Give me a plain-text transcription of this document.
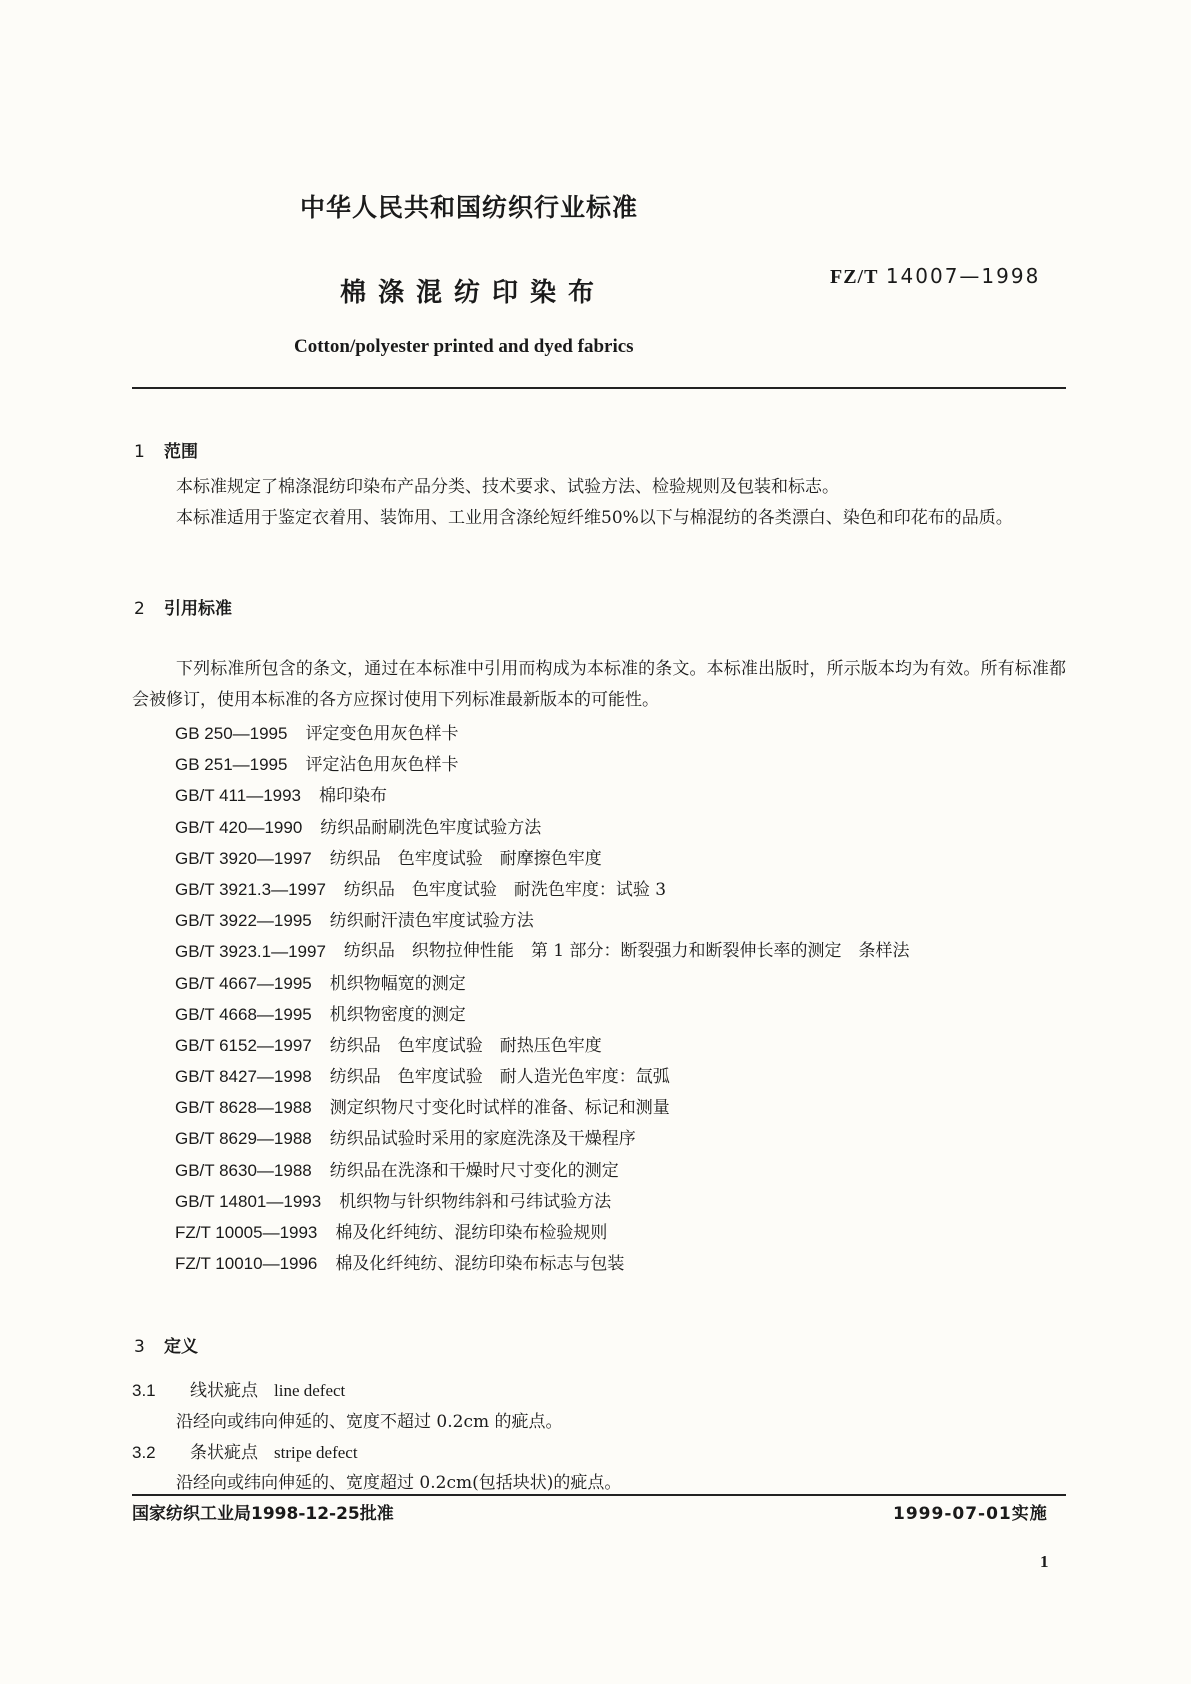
中华人民共和国纺织行业标准
棉涤混纺印染布
FZ/T 14007—1998
Cotton/polyester printed and dyed fabrics
1 范围

本标准规定了棉涤混纺印染布产品分类、技术要求、试验方法、检验规则及包装和标志。

本标准适用于鉴定衣着用、装饰用、工业用含涤纶短纤维50%以下与棉混纺的各类漂白、染色和印花布的品质。

2 引用标准

下列标准所包含的条文，通过在本标准中引用而构成为本标准的条文。本标准出版时，所示版本均为有效。所有标准都会被修订，使用本标准的各方应探讨使用下列标准最新版本的可能性。

GB 250—1995 评定变色用灰色样卡
GB 251—1995 评定沾色用灰色样卡
GB/T 411—1993 棉印染布
GB/T 420—1990 纺织品耐刷洗色牢度试验方法
GB/T 3920—1997 纺织品　色牢度试验　耐摩擦色牢度
GB/T 3921.3—1997 纺织品　色牢度试验　耐洗色牢度：试验 3
GB/T 3922—1995 纺织耐汗渍色牢度试验方法
GB/T 3923.1—1997 纺织品　织物拉伸性能　第 1 部分：断裂强力和断裂伸长率的测定　条样法
GB/T 4667—1995 机织物幅宽的测定
GB/T 4668—1995 机织物密度的测定
GB/T 6152—1997 纺织品　色牢度试验　耐热压色牢度
GB/T 8427—1998 纺织品　色牢度试验　耐人造光色牢度：氙弧
GB/T 8628—1988 测定织物尺寸变化时试样的准备、标记和测量
GB/T 8629—1988 纺织品试验时采用的家庭洗涤及干燥程序
GB/T 8630—1988 纺织品在洗涤和干燥时尺寸变化的测定
GB/T 14801—1993 机织物与针织物纬斜和弓纬试验方法
FZ/T 10005—1993 棉及化纤纯纺、混纺印染布检验规则
FZ/T 10010—1996 棉及化纤纯纺、混纺印染布标志与包装
3 定义
3.1 线状疵点 line defect
沿经向或纬向伸延的、宽度不超过 0.2cm 的疵点。
3.2 条状疵点 stripe defect
沿经向或纬向伸延的、宽度超过 0.2cm(包括块状)的疵点。
国家纺织工业局1998-12-25批准	1999-07-01实施
1
